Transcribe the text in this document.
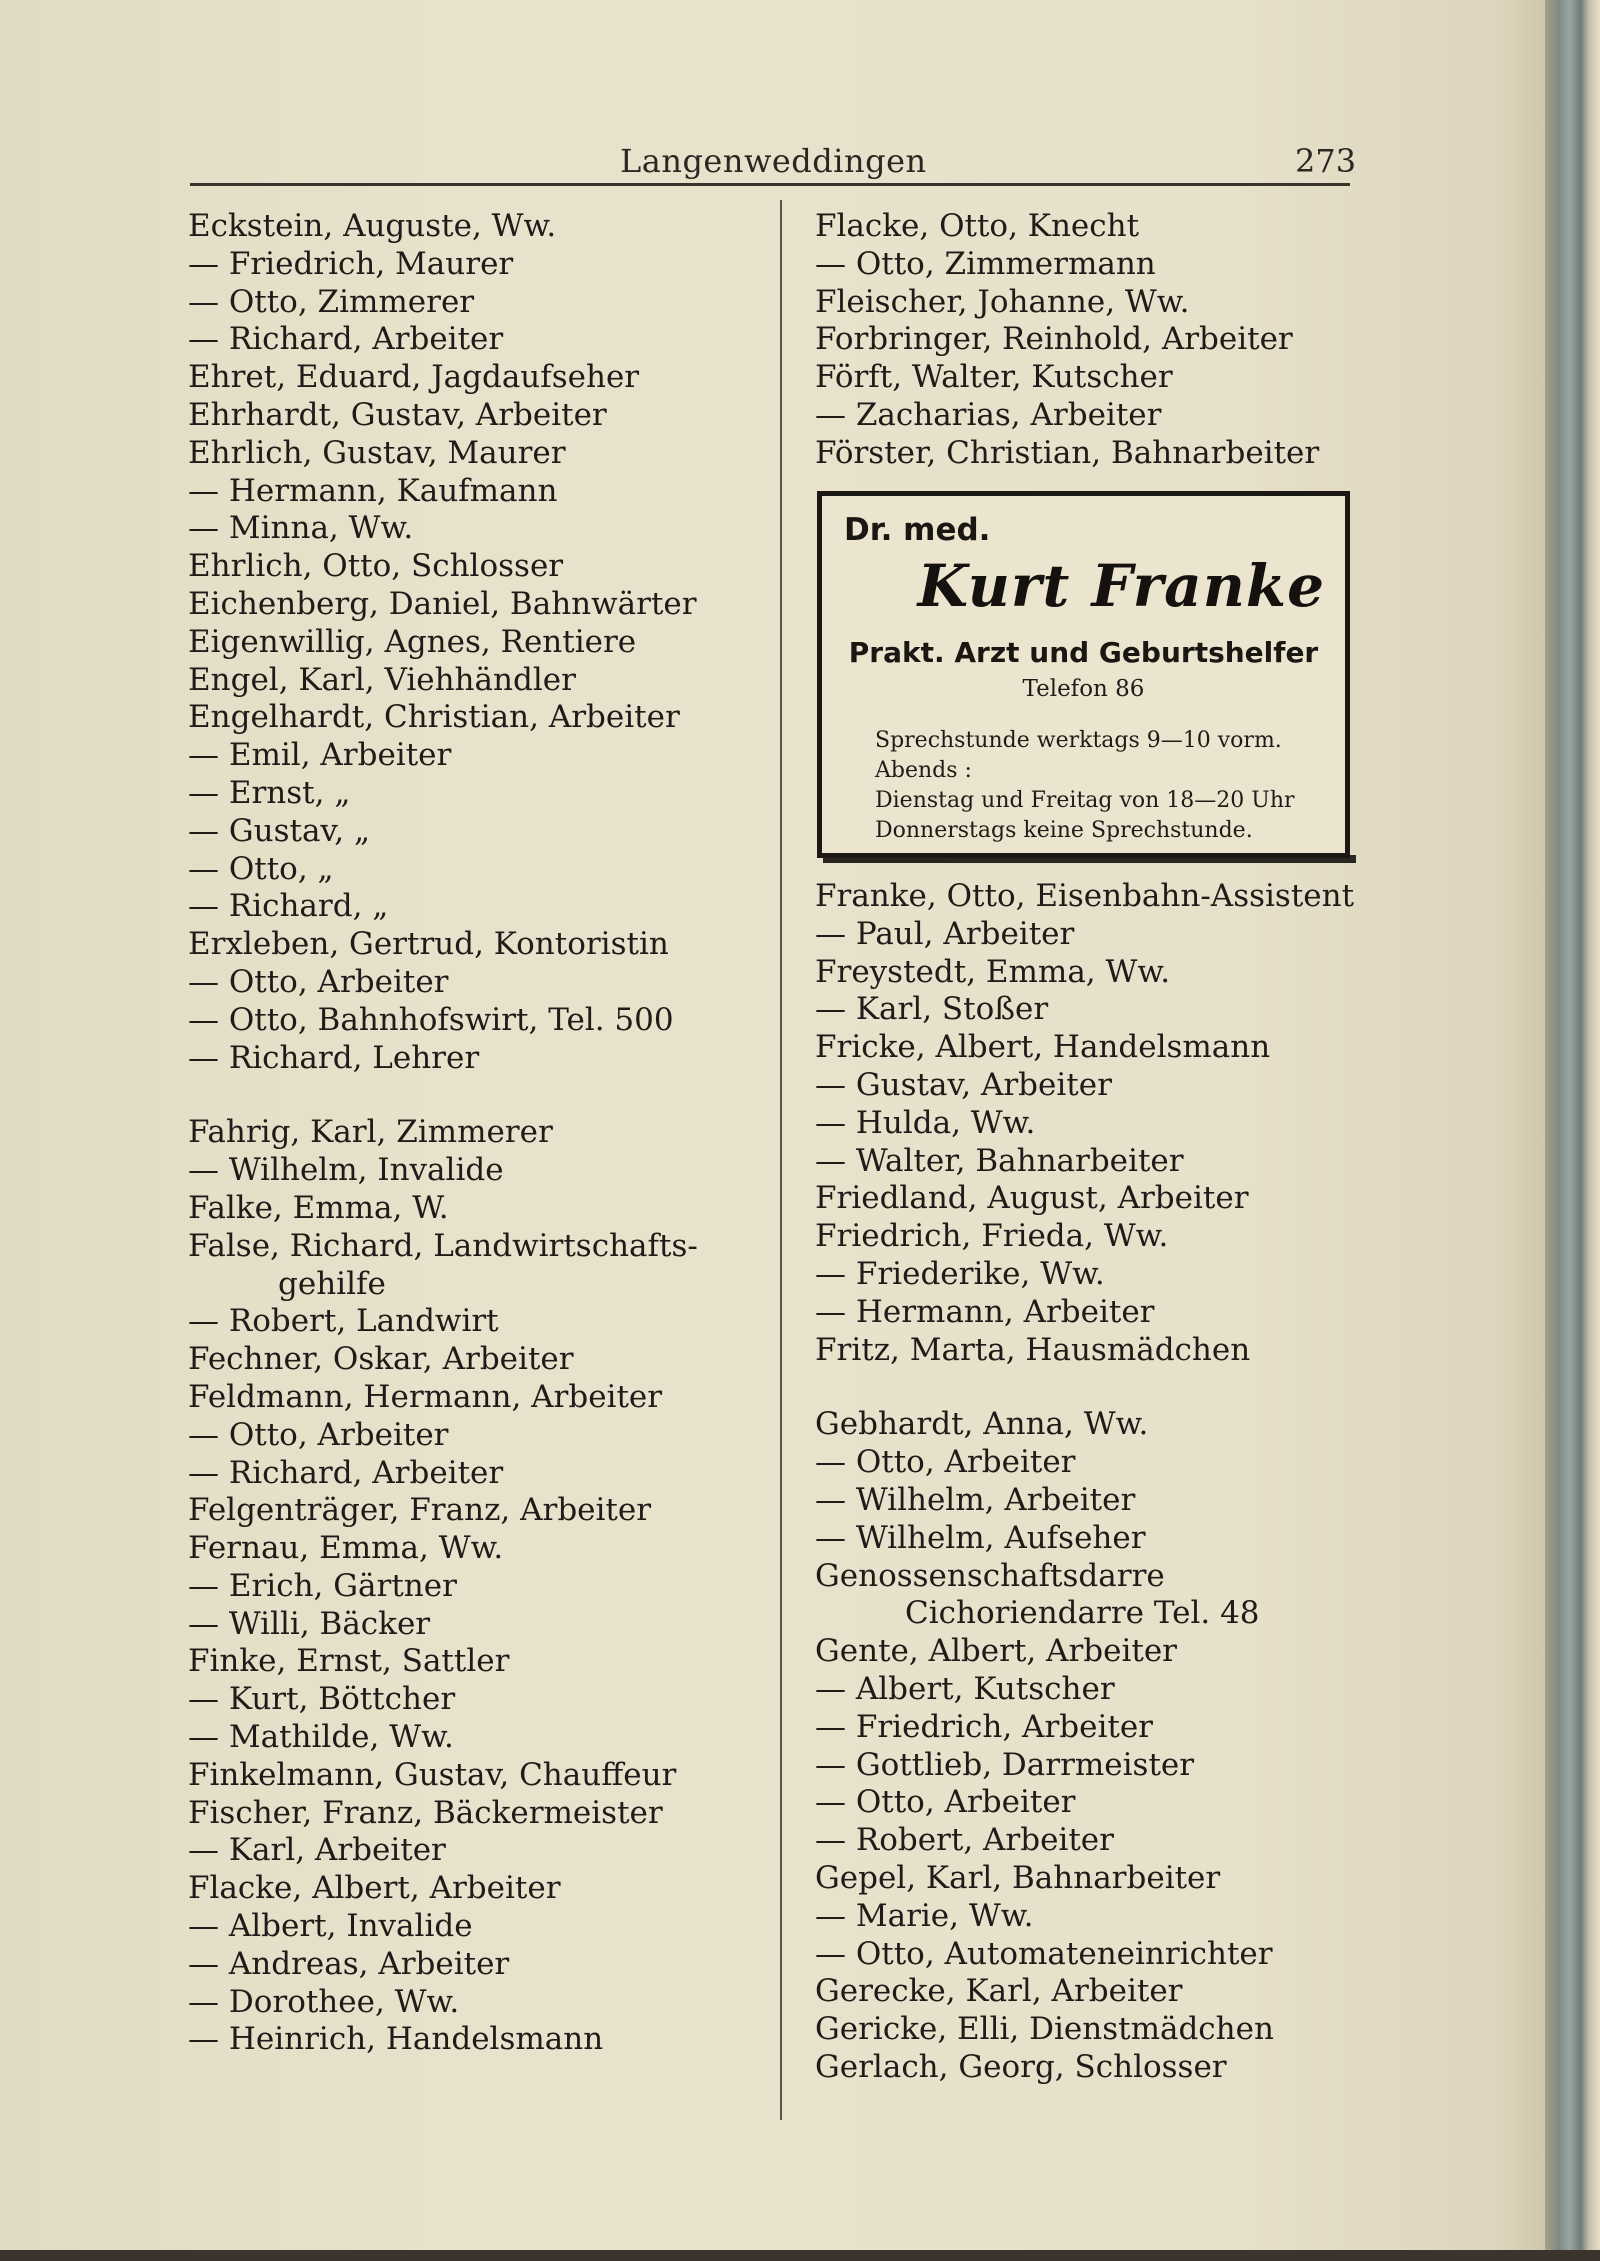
Langenweddingen	273
Eckstein, Auguste, Ww.
— Friedrich, Maurer
— Otto, Zimmerer
— Richard, Arbeiter
Ehret, Eduard, Jagdaufseher
Ehrhardt, Gustav, Arbeiter
Ehrlich, Gustav, Maurer
— Hermann, Kaufmann
— Minna, Ww.
Ehrlich, Otto, Schlosser
Eichenberg, Daniel, Bahnwärter
Eigenwillig, Agnes, Rentiere
Engel, Karl, Viehhändler
Engelhardt, Christian, Arbeiter
— Emil, Arbeiter
— Ernst, „
— Gustav, „
— Otto, „
— Richard, „
Erxleben, Gertrud, Kontoristin
— Otto, Arbeiter
— Otto, Bahnhofswirt, Tel. 500
— Richard, Lehrer
Fahrig, Karl, Zimmerer
— Wilhelm, Invalide
Falke, Emma, W.
False, Richard, Landwirtschafts-
gehilfe
— Robert, Landwirt
Fechner, Oskar, Arbeiter
Feldmann, Hermann, Arbeiter
— Otto, Arbeiter
— Richard, Arbeiter
Felgenträger, Franz, Arbeiter
Fernau, Emma, Ww.
— Erich, Gärtner
— Willi, Bäcker
Finke, Ernst, Sattler
— Kurt, Böttcher
— Mathilde, Ww.
Finkelmann, Gustav, Chauffeur
Fischer, Franz, Bäckermeister
— Karl, Arbeiter
Flacke, Albert, Arbeiter
— Albert, Invalide
— Andreas, Arbeiter
— Dorothee, Ww.
— Heinrich, Handelsmann
Flacke, Otto, Knecht
— Otto, Zimmermann
Fleischer, Johanne, Ww.
Forbringer, Reinhold, Arbeiter
Förft, Walter, Kutscher
— Zacharias, Arbeiter
Förster, Christian, Bahnarbeiter
Dr. med.
Kurt Franke
Prakt. Arzt und Geburtshelfer
Telefon 86
Sprechstunde werktags 9—10 vorm.
Abends :
Dienstag und Freitag von 18—20 Uhr
Donnerstags keine Sprechstunde.
Franke, Otto, Eisenbahn-Assistent
— Paul, Arbeiter
Freystedt, Emma, Ww.
— Karl, Stoßer
Fricke, Albert, Handelsmann
— Gustav, Arbeiter
— Hulda, Ww.
— Walter, Bahnarbeiter
Friedland, August, Arbeiter
Friedrich, Frieda, Ww.
— Friederike, Ww.
— Hermann, Arbeiter
Fritz, Marta, Hausmädchen
Gebhardt, Anna, Ww.
— Otto, Arbeiter
— Wilhelm, Arbeiter
— Wilhelm, Aufseher
Genossenschaftsdarre
Cichoriendarre Tel. 48
Gente, Albert, Arbeiter
— Albert, Kutscher
— Friedrich, Arbeiter
— Gottlieb, Darrmeister
— Otto, Arbeiter
— Robert, Arbeiter
Gepel, Karl, Bahnarbeiter
— Marie, Ww.
— Otto, Automateneinrichter
Gerecke, Karl, Arbeiter
Gericke, Elli, Dienstmädchen
Gerlach, Georg, Schlosser
